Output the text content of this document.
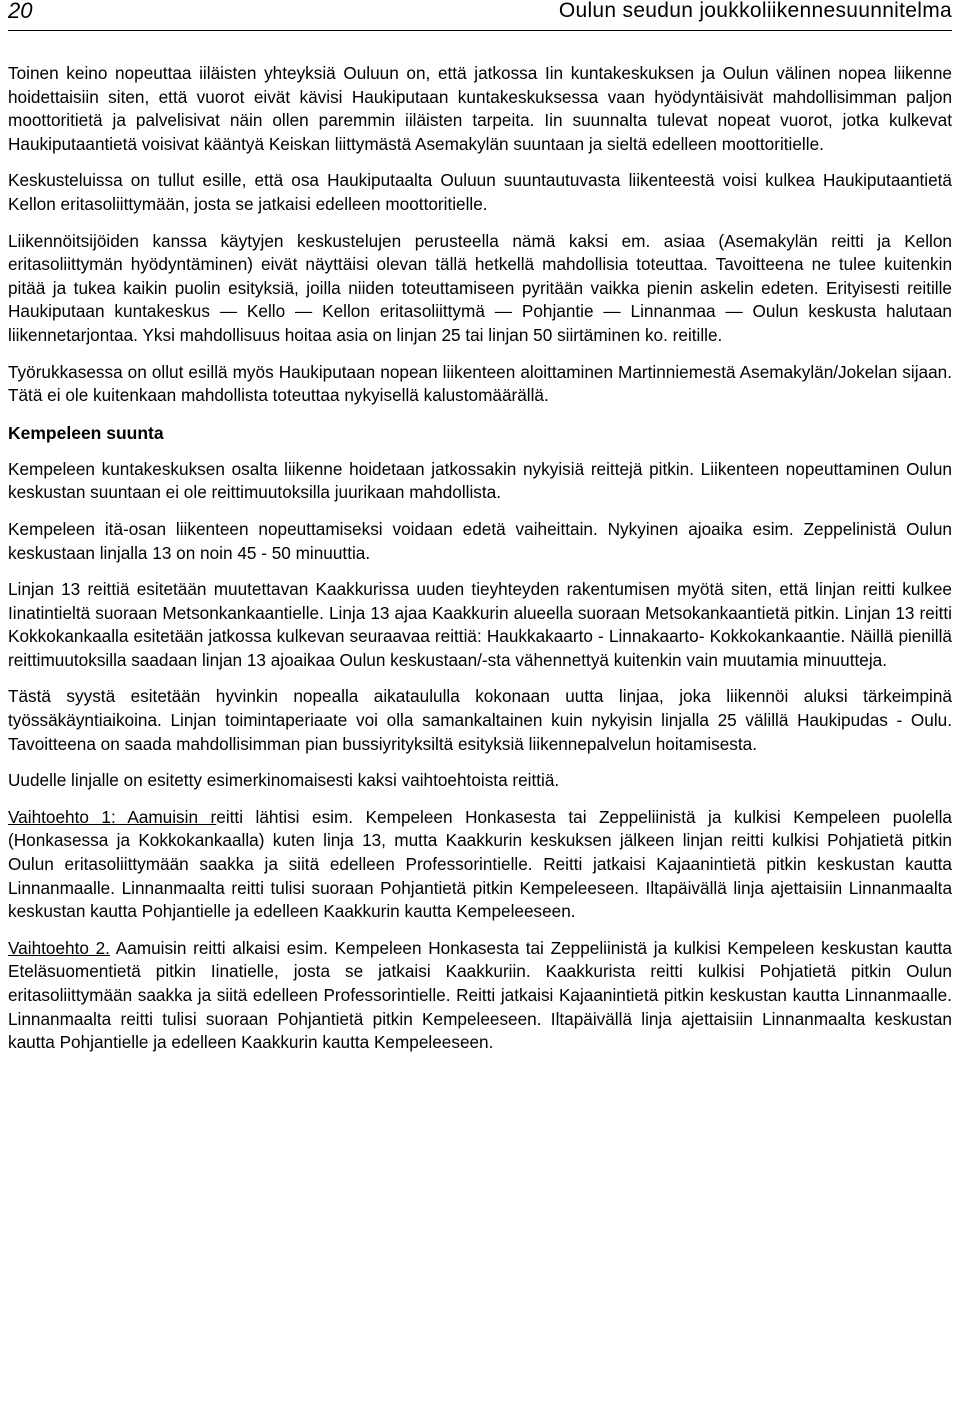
20	Oulun seudun joukkoliikennesuunnitelma

Toinen keino nopeuttaa iiläisten yhteyksiä Ouluun on, että jatkossa Iin kuntakeskuksen ja Oulun välinen nopea liikenne hoidettaisiin siten, että vuorot eivät kävisi Haukiputaan kuntakeskuksessa vaan hyödyntäisivät mahdollisimman paljon moottoritietä ja palvelisivat näin ollen paremmin iiläisten tarpeita. Iin suunnalta tulevat nopeat vuorot, jotka kulkevat Haukiputaantietä voisivat kääntyä Keiskan liittymästä Asemakylän suuntaan ja sieltä edelleen moottoritielle.

Keskusteluissa on tullut esille, että osa Haukiputaalta Ouluun suuntautuvasta liikenteestä voisi kulkea Haukiputaantietä Kellon eritasoliittymään, josta se jatkaisi edelleen moottoritielle.

Liikennöitsijöiden kanssa käytyjen keskustelujen perusteella nämä kaksi em. asiaa (Asemakylän reitti ja Kellon eritasoliittymän hyödyntäminen) eivät näyttäisi olevan tällä hetkellä mahdollisia toteuttaa. Tavoitteena ne tulee kuitenkin pitää ja tukea kaikin puolin esityksiä, joilla niiden toteuttamiseen pyritään vaikka pienin askelin edeten. Erityisesti reitille Haukiputaan kuntakeskus — Kello — Kellon eritasoliittymä — Pohjantie — Linnanmaa — Oulun keskusta halutaan liikennetarjontaa. Yksi mahdollisuus hoitaa asia on linjan 25 tai linjan 50 siirtäminen ko. reitille.

Työrukkasessa on ollut esillä myös Haukiputaan nopean liikenteen aloittaminen Martinniemestä Asemakylän/Jokelan sijaan. Tätä ei ole kuitenkaan mahdollista toteuttaa nykyisellä kalustomäärällä.

Kempeleen suunta

Kempeleen kuntakeskuksen osalta liikenne hoidetaan jatkossakin nykyisiä reittejä pitkin. Liikenteen nopeuttaminen Oulun keskustan suuntaan ei ole reittimuutoksilla juurikaan mahdollista.

Kempeleen itä-osan liikenteen nopeuttamiseksi voidaan edetä vaiheittain. Nykyinen ajoaika esim. Zeppelinistä Oulun keskustaan linjalla 13 on noin 45 - 50 minuuttia.

Linjan 13 reittiä esitetään muutettavan Kaakkurissa uuden tieyhteyden rakentumisen myötä siten, että linjan reitti kulkee Iinatintieltä suoraan Metsonkankaantielle. Linja 13 ajaa Kaakkurin alueella suoraan Metsokankaantietä pitkin. Linjan 13 reitti Kokkokankaalla esitetään jatkossa kulkevan seuraavaa reittiä: Haukkakaarto - Linnakaarto- Kokkokankaantie. Näillä pienillä reittimuutoksilla saadaan linjan 13 ajoaikaa Oulun keskustaan/-sta vähennettyä kuitenkin vain muutamia minuutteja.

Tästä syystä esitetään hyvinkin nopealla aikataululla kokonaan uutta linjaa, joka liikennöi aluksi tärkeimpinä työssäkäyntiaikoina. Linjan toimintaperiaate voi olla samankaltainen kuin nykyisin linjalla 25 välillä Haukipudas - Oulu. Tavoitteena on saada mahdollisimman pian bussiyrityksiltä esityksiä liikennepalvelun hoitamisesta.

Uudelle linjalle on esitetty esimerkinomaisesti kaksi vaihtoehtoista reittiä.

Vaihtoehto 1: Aamuisin reitti lähtisi esim. Kempeleen Honkasesta tai Zeppeliinistä ja kulkisi Kempeleen puolella (Honkasessa ja Kokkokankaalla) kuten linja 13, mutta Kaakkurin keskuksen jälkeen linjan reitti kulkisi Pohjatietä pitkin Oulun eritasoliittymään saakka ja siitä edelleen Professorintielle. Reitti jatkaisi Kajaanintietä pitkin keskustan kautta Linnanmaalle. Linnanmaalta reitti tulisi suoraan Pohjantietä pitkin Kempeleeseen. Iltapäivällä linja ajettaisiin Linnanmaalta keskustan kautta Pohjantielle ja edelleen Kaakkurin kautta Kempeleeseen.

Vaihtoehto 2. Aamuisin reitti alkaisi esim. Kempeleen Honkasesta tai Zeppeliinistä ja kulkisi Kempeleen keskustan kautta Eteläsuomentietä pitkin Iinatielle, josta se jatkaisi Kaakkuriin. Kaakkurista reitti kulkisi Pohjatietä pitkin Oulun eritasoliittymään saakka ja siitä edelleen Professorintielle. Reitti jatkaisi Kajaanintietä pitkin keskustan kautta Linnanmaalle. Linnanmaalta reitti tulisi suoraan Pohjantietä pitkin Kempeleeseen. Iltapäivällä linja ajettaisiin Linnanmaalta keskustan kautta Pohjantielle ja edelleen Kaakkurin kautta Kempeleeseen.
